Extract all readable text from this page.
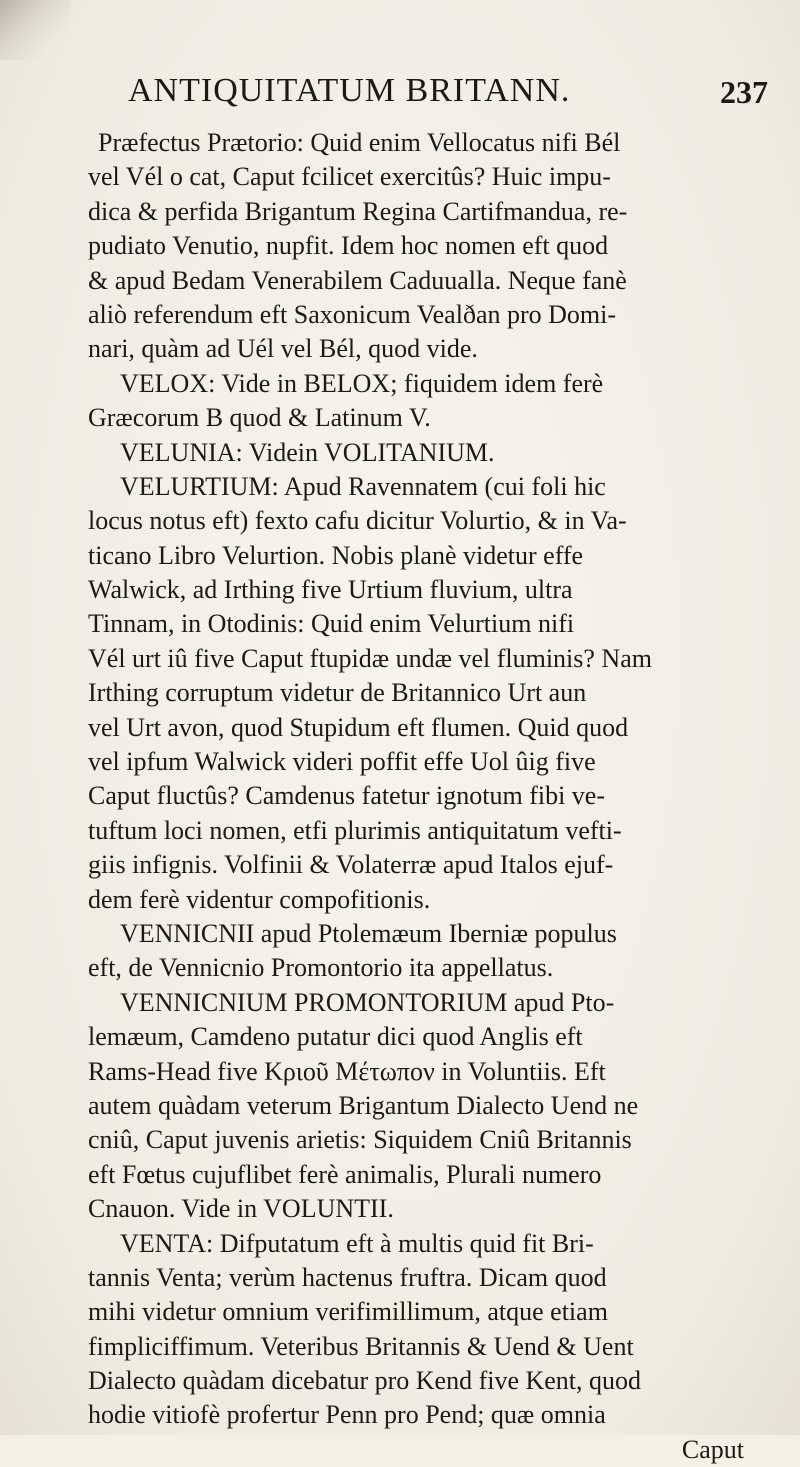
ANTIQUITATUM BRITANN.	237
Præfectus Prætorio: Quid enim Vellocatus nifi Bél
vel Vél o cat, Caput fcilicet exercitûs? Huic impu-
dica & perfida Brigantum Regina Cartifmandua, re-
pudiato Venutio, nupfit. Idem hoc nomen eft quod
& apud Bedam Venerabilem Caduualla. Neque fanè
aliò referendum eft Saxonicum Vealðan pro Domi-
nari, quàm ad Uél vel Bél, quod vide.
VELOX: Vide in BELOX; fiquidem idem ferè
Græcorum B quod & Latinum V.
VELUNIA: Videin VOLITANIUM.
VELURTIUM: Apud Ravennatem (cui foli hic
locus notus eft) fexto cafu dicitur Volurtio, & in Va-
ticano Libro Velurtion. Nobis planè videtur effe
Walwick, ad Irthing five Urtium fluvium, ultra
Tinnam, in Otodinis: Quid enim Velurtium nifi
Vél urt iû five Caput ftupidæ undæ vel fluminis? Nam
Irthing corruptum videtur de Britannico Urt aun
vel Urt avon, quod Stupidum eft flumen. Quid quod
vel ipfum Walwick videri poffit effe Uol ûig five
Caput fluctûs? Camdenus fatetur ignotum fibi ve-
tuftum loci nomen, etfi plurimis antiquitatum vefti-
giis infignis. Volfinii & Volaterræ apud Italos ejuf-
dem ferè videntur compofitionis.
VENNICNII apud Ptolemæum Iberniæ populus
eft, de Vennicnio Promontorio ita appellatus.
VENNICNIUM PROMONTORIUM apud Pto-
lemæum, Camdeno putatur dici quod Anglis eft
Rams-Head five Κριοῦ Μέτωπον in Voluntiis. Eft
autem quàdam veterum Brigantum Dialecto Uend ne
cniû, Caput juvenis arietis: Siquidem Cniû Britannis
eft Fœtus cujuflibet ferè animalis, Plurali numero
Cnauon. Vide in VOLUNTII.
VENTA: Difputatum eft à multis quid fit Bri-
tannis Venta; verùm hactenus fruftra. Dicam quod
mihi videtur omnium verifimillimum, atque etiam
fimpliciffimum. Veteribus Britannis & Uend & Uent
Dialecto quàdam dicebatur pro Kend five Kent, quod
hodie vitiofè profertur Penn pro Pend; quæ omnia
Caput
